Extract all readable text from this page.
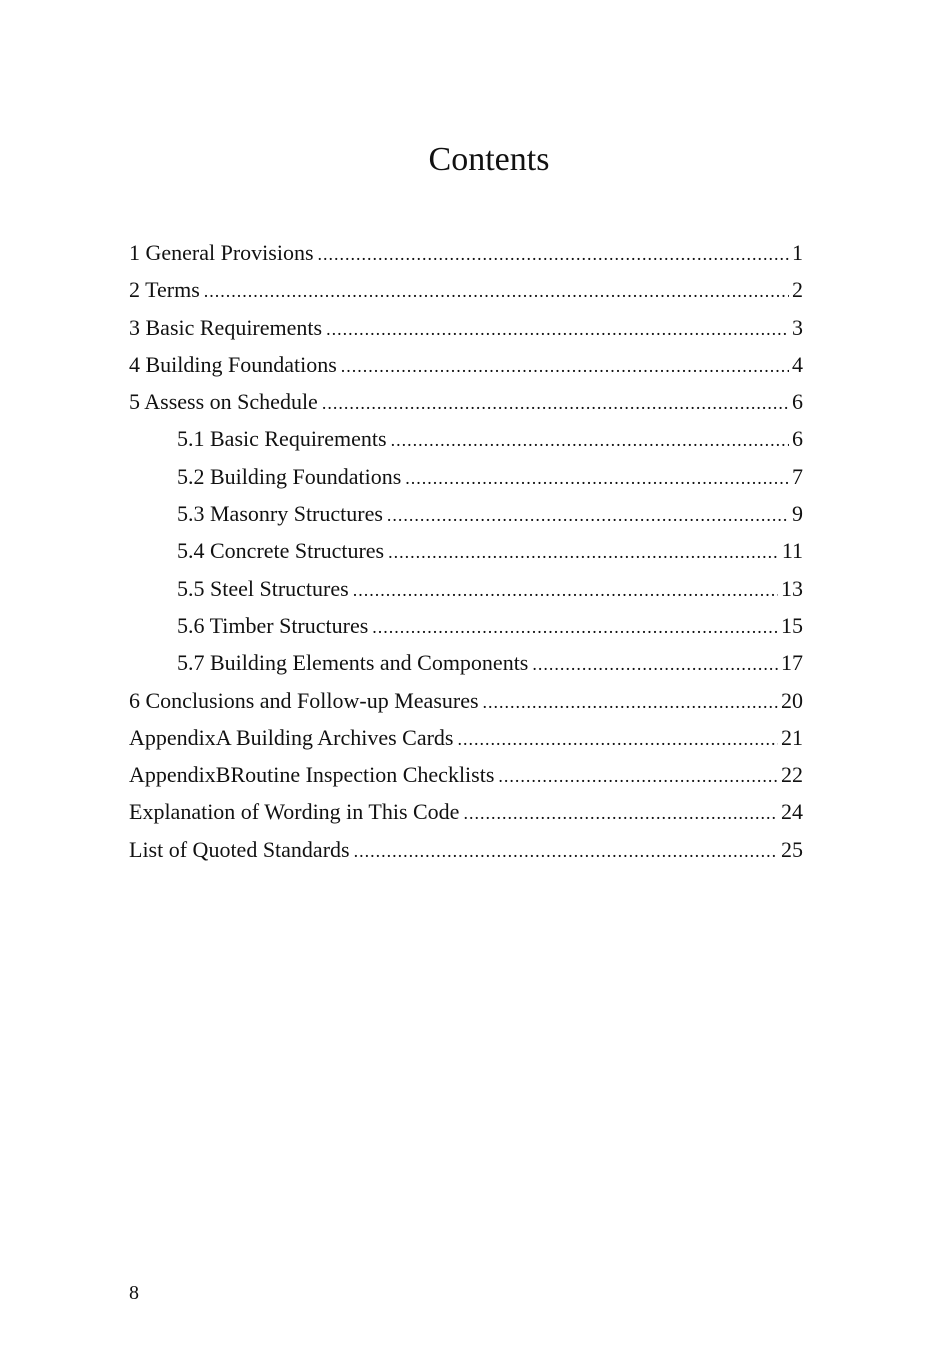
Contents
1 General Provisions .....	1
2 Terms .....	2
3 Basic Requirements .....	3
4 Building Foundations .....	4
5 Assess on Schedule .....	6
5.1 Basic Requirements .....	6
5.2 Building Foundations .....	7
5.3 Masonry Structures .....	9
5.4 Concrete Structures .....	11
5.5 Steel Structures .....	13
5.6 Timber Structures .....	15
5.7 Building Elements and Components .....	17
6 Conclusions and Follow-up Measures .....	20
AppendixA Building Archives Cards .....	21
AppendixBRoutine Inspection Checklists .....	22
Explanation of Wording in This Code .....	24
List of Quoted Standards .....	25
8
